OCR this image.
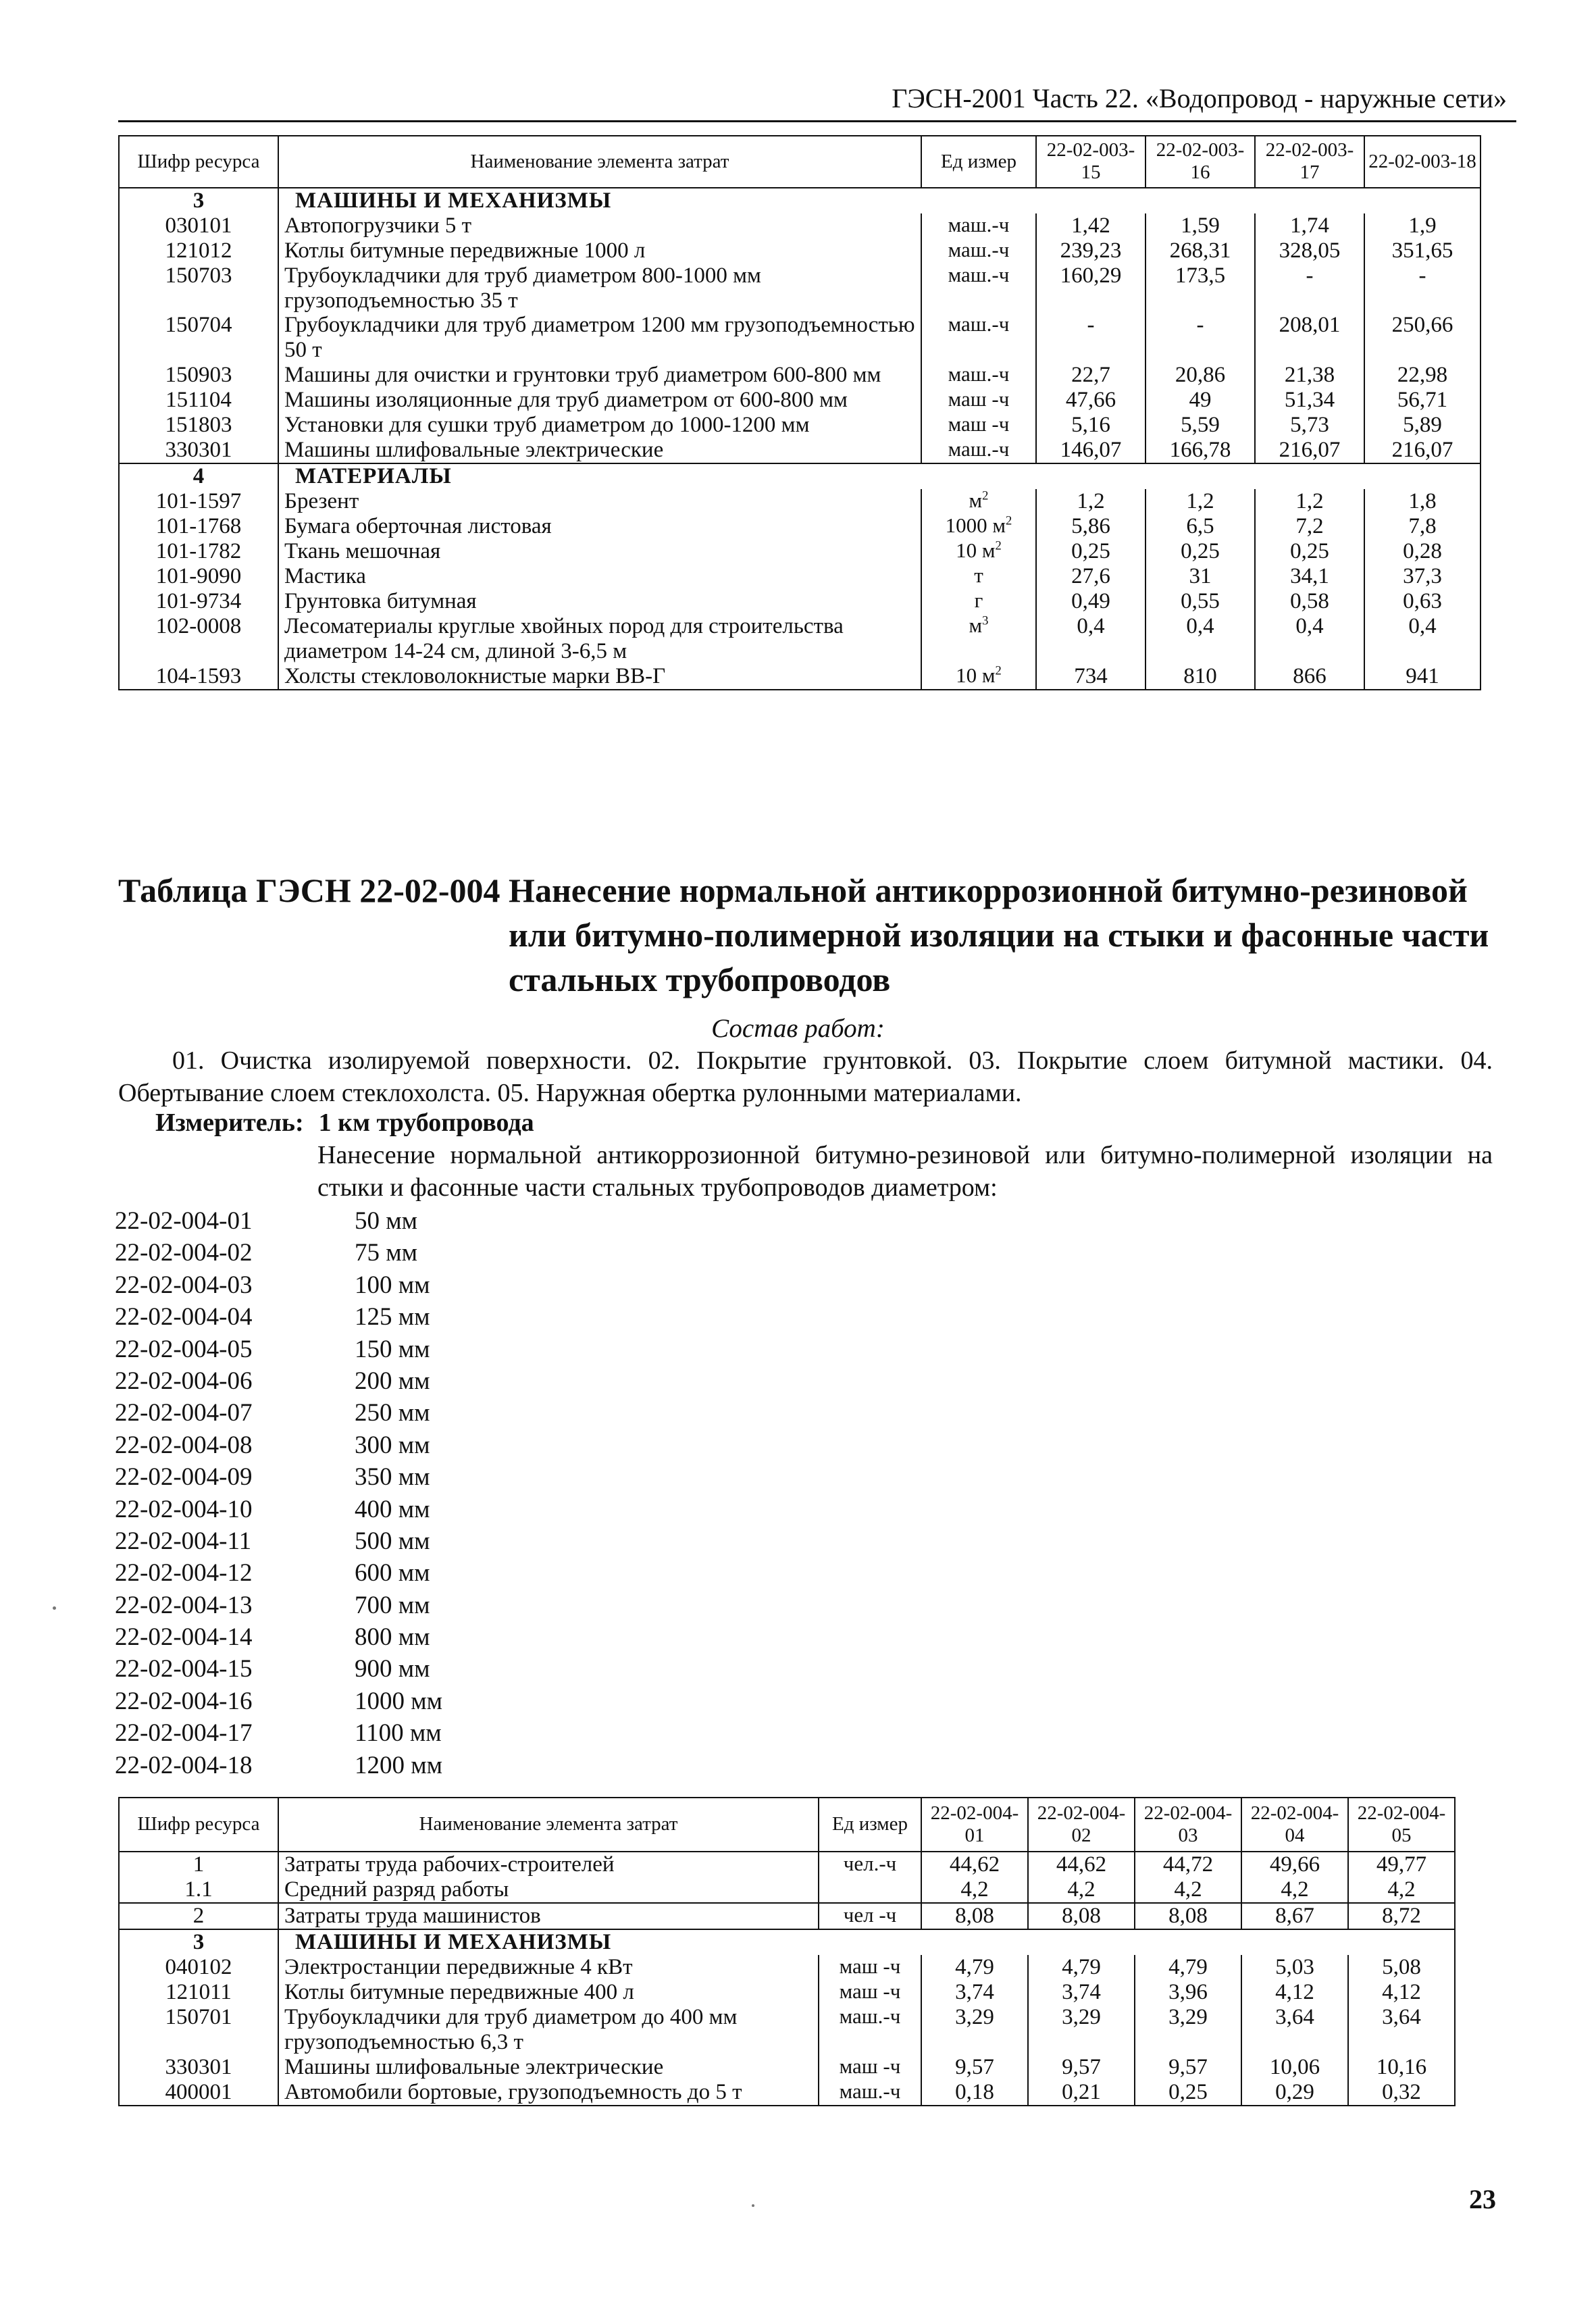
ГЭСН-2001 Часть 22. «Водопровод - наружные сети»
Шифр ресурса	Наименование элемента затрат	Ед измер	22-02-003-15	22-02-003-16	22-02-003-17	22-02-003-18
3	МАШИНЫ И МЕХАНИЗМЫ					
030101	Автопогрузчики 5 т	маш.-ч	1,42	1,59	1,74	1,9
121012	Котлы битумные передвижные 1000 л	маш.-ч	239,23	268,31	328,05	351,65
150703	Трубоукладчики для труб диаметром 800-1000 мм грузоподъемностью 35 т	маш.-ч	160,29	173,5	-	-
150704	Грубоукладчики для труб диаметром 1200 мм грузоподъемностью 50 т	маш.-ч	-	-	208,01	250,66
150903	Машины для очистки и грунтовки труб диаметром 600-800 мм	маш.-ч	22,7	20,86	21,38	22,98
151104	Машины изоляционные для труб диаметром от 600-800 мм	маш -ч	47,66	49	51,34	56,71
151803	Установки для сушки труб диаметром до 1000-1200 мм	маш -ч	5,16	5,59	5,73	5,89
330301	Машины шлифовальные электрические	маш.-ч	146,07	166,78	216,07	216,07
4	МАТЕРИАЛЫ					
101-1597	Брезент	$м^2$	1,2	1,2	1,2	1,8
101-1768	Бумага оберточная листовая	1000 $м^2$	5,86	6,5	7,2	7,8
101-1782	Ткань мешочная	10 $м^2$	0,25	0,25	0,25	0,28
101-9090	Мастика	т	27,6	31	34,1	37,3
101-9734	Грунтовка битумная	г	0,49	0,55	0,58	0,63
102-0008	Лесоматериалы круглые хвойных пород для строительства диаметром 14-24 см, длиной 3-6,5 м	$м^3$	0,4	0,4	0,4	0,4
104-1593	Холсты стекловолокнистые марки ВВ-Г	10 $м^2$	734	810	866	941
Таблица ГЭСН 22-02-004 Нанесение нормальной антикоррозионной битумно-резиновой
или битумно-полимерной изоляции на стыки и фасонные части стальных трубопроводов
Состав работ:
01. Очистка изолируемой поверхности. 02. Покрытие грунтовкой. 03. Покрытие слоем битумной мастики. 04. Обертывание слоем стеклохолста. 05. Наружная обертка рулонными материалами.
Измеритель: 1 км трубопровода
Нанесение нормальной антикоррозионной битумно-резиновой или битумно-полимерной изоляции на стыки и фасонные части стальных трубопроводов диаметром:
22-02-004-01	50 мм
22-02-004-02	75 мм
22-02-004-03	100 мм
22-02-004-04	125 мм
22-02-004-05	150 мм
22-02-004-06	200 мм
22-02-004-07	250 мм
22-02-004-08	300 мм
22-02-004-09	350 мм
22-02-004-10	400 мм
22-02-004-11	500 мм
22-02-004-12	600 мм
22-02-004-13	700 мм
22-02-004-14	800 мм
22-02-004-15	900 мм
22-02-004-16	1000 мм
22-02-004-17	1100 мм
22-02-004-18	1200 мм
Шифр ресурса	Наименование элемента затрат	Ед измер	22-02-004-01	22-02-004-02	22-02-004-03	22-02-004-04	22-02-004-05
1	Затраты труда рабочих-строителей	чел.-ч	44,62	44,62	44,72	49,66	49,77
1.1	Средний разряд работы		4,2	4,2	4,2	4,2	4,2
2	Затраты труда машинистов	чел -ч	8,08	8,08	8,08	8,67	8,72
3	МАШИНЫ И МЕХАНИЗМЫ						
040102	Электростанции передвижные 4 кВт	маш -ч	4,79	4,79	4,79	5,03	5,08
121011	Котлы битумные передвижные 400 л	маш -ч	3,74	3,74	3,96	4,12	4,12
150701	Трубоукладчики для труб диаметром до 400 мм грузоподъемностью 6,3 т	маш.-ч	3,29	3,29	3,29	3,64	3,64
330301	Машины шлифовальные электрические	маш -ч	9,57	9,57	9,57	10,06	10,16
400001	Автомобили бортовые, грузоподъемность до 5 т	маш.-ч	0,18	0,21	0,25	0,29	0,32
23
